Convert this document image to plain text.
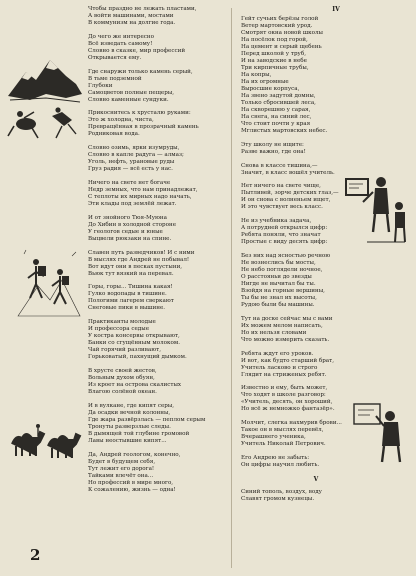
Чтобы праздно не лежать пластами,
А войти машинами, мостами
В коммунизм на долгие года.
До чего же интересно
Всё изведать самому!
Словно в сказке, мир профессий
Открывается ему.
Где снаружи только камень серый,
В тьме подземной
Глубоки
Самоцветов полные пещеры,
Словно каменные сундуки.
Прикоснитесь к хрусталю руками:
Это ж холодна, чиста,
Превращённая в прозрачный камень
Родниковая вода.
Словно озимь, ярки изумруды,
Словно в капле радуга — алмаз;
Уголь, нефть, урановые руды
Груз радия — всё есть у нас.
Ничего на свете нет богаче
Недр земных, что нам принадлежат,
С теплоты их мирных надо начать,
Эти клады под землёй лежат.
И от знойного Тюя-Муюна
До Хибин в холодной стороне
У геологов седые и юные
Выцвели рюкзаки на спине.
Славен путь разведчиков! И с ними
В мыслях где Андрей не побывал!
Вот идут они в песках пустыни,
Вьюк тут вязкий на перевал.
Горы, горы... Тишина какая!
Гулко водопады в тишине.
Пологими лагерем сверкают
Снеговые пики в вышине.
Практиканты молодые
И профессора седые
У костра консервы открывают,
Банки со сгущённым молоком.
Чай горячий разливают,
Горьковатый, пахнущий дымком.
В хрусте своей жестов,
Вольным духом обуян,
Из кроет на острова скалистых
Влагою солёной океан.
И в вулкане, где кипят серы,
Да осадки вечной колонны,
Где жара развёрзлась — пеплом серым
Тронуты разверзлые следы.
В дымящей той глубине громовой
Лавы неостывшие кипят...
Да, Андрей геологом, конечно,
Будет в будущем себя,
Тут лежит его дорога!
Тайками влечёт она...
Но профессий в мире много,
К сожалению, жизнь — одна!
IV
Гейт сучьих берёзы голой
Ветер мартовский урод.
Смотрят окна новой школы
На посёлок под горой,
На цемент и серый щебень
Перед школой у труб,
И на заводские в небе
Три кирпичные трубы,
На копры,
На их огромные
Выросшие корпуса,
На звено задутой домны,
Только сбросившей леса,
На скворешню у сарая,
На снега, на синий лес,
Что стоит почти у края
Мглистых мартовских небес.
Эту школу не ищите:
Разве важно, где она!
Снова в классе тишина,—
Значит, в класс вошёл учитель.
Нет ничего на свете чище,
Пытливей, зорче детских глаз,—
И он снова с волненьем ищет,
И это чувствует весь класс.
Не из учебника задача,
А потрудней открылся цифр:
Ребята поняли, что значат
Простые с виду десять цифр:
Без них над ясностью речною
Не вознеслись бы мосты,
Не небо поглядели ночное,
О расстояньи до звезды
Нигде не вычитал бы ты.
Взойдя на горные вершины,
Ты бы не знал их высоты,
Рудою были бы машины.
Тут на доске сейчас мы с вами
Их можем мелом написать,
Но их нельзя словами
Что можно измерить сказать.
Ребята ждут его уроков.
И вот, как будто старший брат,
Учитель ласково и строго
Глядит на стриженых ребят.
Известно и ему, быть может,
Что ходят в школе разговор:
«Учитель, десять, он хороший,
Но всё ж немножко фантазёр».
Молчит, слегка нахмурив брови...
Такое он в мыслях перевёл,
Вчерашнего ученика,
Учитель Николай Петрович.
Его Андрею не забыть:
Он цифры научил любить.
V
Синий тополь, воздух, воду
Славят громом кузнецы.
2
